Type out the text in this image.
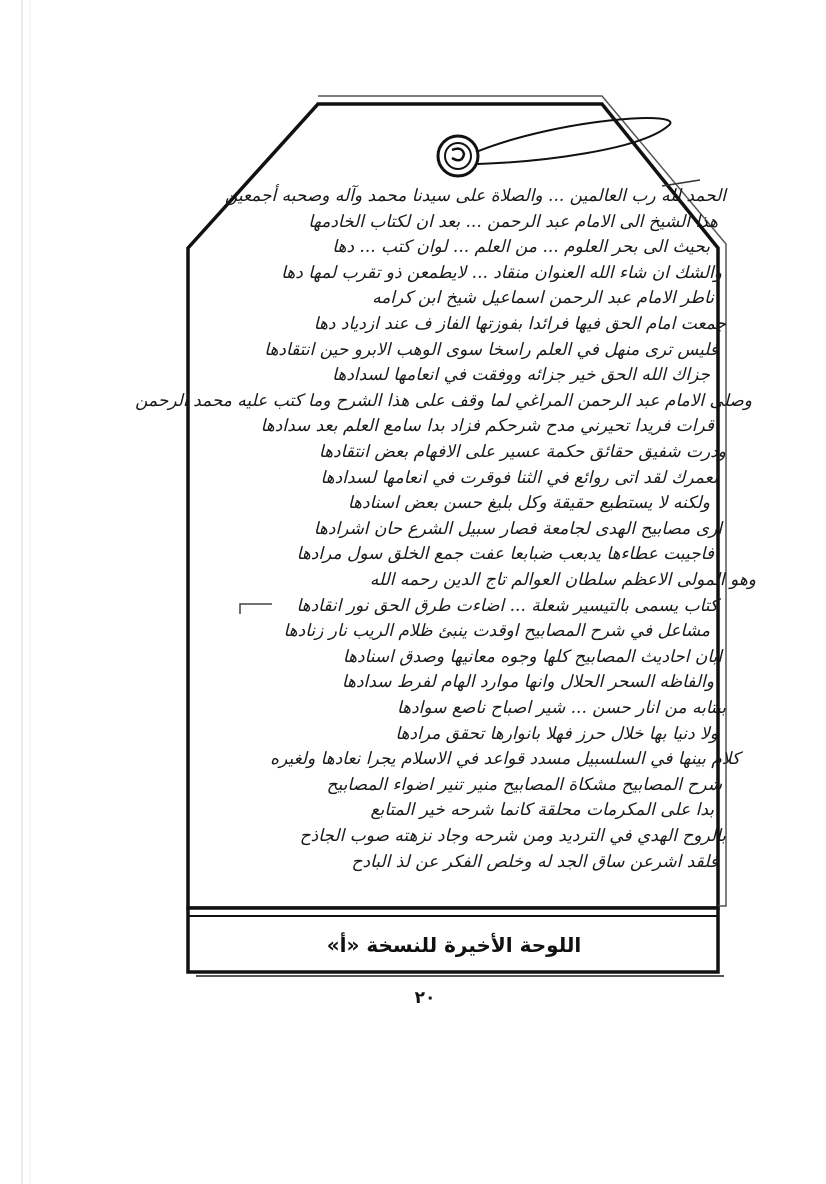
الحمد لله رب العالمين ... والصلاة على سيدنا محمد وآله وصحبه أجمعين
هذا الشيخ الى الامام عبد الرحمن ... بعد ان لكتاب الخادمها
بحيث الى بحر العلوم ... من العلم ... لوان كتب ... دها
والشك ان شاء الله العنوان منقاد ... لايطمعن ذو تقرب لمها دها
ناطر الامام عبد الرحمن اسماعيل شيخ ابن كرامه
جمعت امام الحق فيها فرائدا بفوزتها الفاز ف عند ازدياد دها
فليس ترى منهل في العلم راسخا سوى الوهب الابرو حين انتقادها
جزاك الله الحق خير جزائه ووفقت في انعامها لسدادها
وصلى الامام عبد الرحمن المراغي لما وقف على هذا الشرح وما كتب عليه محمد الرحمن
قرات فريدا تحيرني مدح شرحكم فزاد بدا سامع العلم بعد سدادها
ودرت شفيق حقائق حكمة عسير على الافهام بعض انتقادها
لعمرك لقد اتى روائع في الثنا فوقرت في انعامها لسدادها
ولكنه لا يستطيع حقيقة وكل بليغ حسن بعض اسنادها
ارى مصابيح الهدى لجامعة فصار سبيل الشرع حان اشرادها
فاجيبت عطاءها يدبعب ضبابعا عفت جمع الخلق سول مرادها
وهو المولى الاعظم سلطان العوالم تاج الدين رحمه الله
كتاب يسمى بالتيسير شعلة ... اضاءت طرق الحق نور انقادها
مشاعل في شرح المصابيح اوقدت ينبئ ظلام الريب نار زنادها
ابان احاديث المصابيح كلها وجوه معانيها وصدق اسنادها
والفاظه السحر الحلال وانها موارد الهام لفرط سدادها
بيتابه من انار حسن ... شير اصباح ناصع سوادها
ولا دنيا بها خلال حرز فهلا بانوارها تحقق مرادها
كلام بينها في السلسبيل مسدد قواعد في الاسلام يجرا نعادها ولغيره
شرح المصابيح مشكاة المصابيح منير تنير اضواء المصابيح
بدا على المكرمات محلقة كانما شرحه خير المتابع
بالروح الهدي في الترديد ومن شرحه وجاد نزهته صوب الجاذح
فلقد اشرعن ساق الجد له وخلص الفكر عن لذ البادح
اللوحة الأخيرة للنسخة «أ»
٢٠
